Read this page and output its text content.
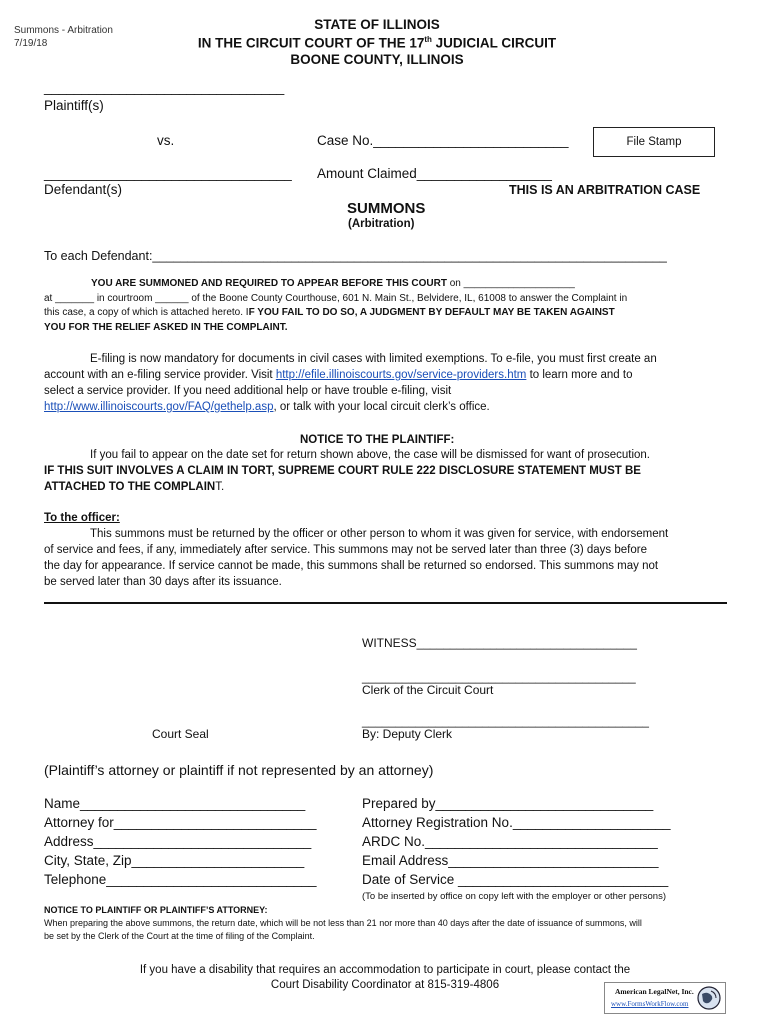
Summons - Arbitration
7/19/18
STATE OF ILLINOIS
IN THE CIRCUIT COURT OF THE 17th JUDICIAL CIRCUIT
BOONE COUNTY, ILLINOIS
________________________________
Plaintiff(s)
vs.	Case No.__________________________	File Stamp
Amount Claimed__________________
_________________________________
Defendant(s)	THIS IS AN ARBITRATION CASE
SUMMONS
(Arbitration)
To each Defendant:__________________________________________________________________________
YOU ARE SUMMONED AND REQUIRED TO APPEAR BEFORE THIS COURT on ____________________
at _______ in courtroom ______ of the Boone County Courthouse, 601 N. Main St., Belvidere, IL, 61008 to answer the Complaint in
this case, a copy of which is attached hereto. IF YOU FAIL TO DO SO, A JUDGMENT BY DEFAULT MAY BE TAKEN AGAINST
YOU FOR THE RELIEF ASKED IN THE COMPLAINT.
E-filing is now mandatory for documents in civil cases with limited exemptions. To e-file, you must first create an
account with an e-filing service provider. Visit http://efile.illinoiscourts.gov/service-providers.htm to learn more and to
select a service provider. If you need additional help or have trouble e-filing, visit
http://www.illinoiscourts.gov/FAQ/gethelp.asp, or talk with your local circuit clerk’s office.
NOTICE TO THE PLAINTIFF:
If you fail to appear on the date set for return shown above, the case will be dismissed for want of prosecution.
IF THIS SUIT INVOLVES A CLAIM IN TORT, SUPREME COURT RULE 222 DISCLOSURE STATEMENT MUST BE
ATTACHED TO THE COMPLAINT.
To the officer:
This summons must be returned by the officer or other person to whom it was given for service, with endorsement
of service and fees, if any, immediately after service. This summons may not be served later than three (3) days before
the day for appearance. If service cannot be made, this summons shall be returned so endorsed. This summons may not
be served later than 30 days after its issuance.
WITNESS_________________________________
_________________________________________
Clerk of the Circuit Court
Court Seal
___________________________________________
By: Deputy Clerk
(Plaintiff’s attorney or plaintiff if not represented by an attorney)
Name______________________________
Attorney for___________________________
Address_____________________________
City, State, Zip_______________________
Telephone____________________________
Prepared by_____________________________
Attorney Registration No._____________________
ARDC No._______________________________
Email Address____________________________
Date of Service ____________________________
(To be inserted by office on copy left with the employer or other persons)
NOTICE TO PLAINTIFF OR PLAINTIFF’S ATTORNEY:
When preparing the above summons, the return date, which will be not less than 21 nor more than 40 days after the date of issuance of summons, will
be set by the Clerk of the Court at the time of filing of the Complaint.
If you have a disability that requires an accommodation to participate in court, please contact the
Court Disability Coordinator at 815-319-4806
American LegalNet, Inc.
www.FormsWorkFlow.com
